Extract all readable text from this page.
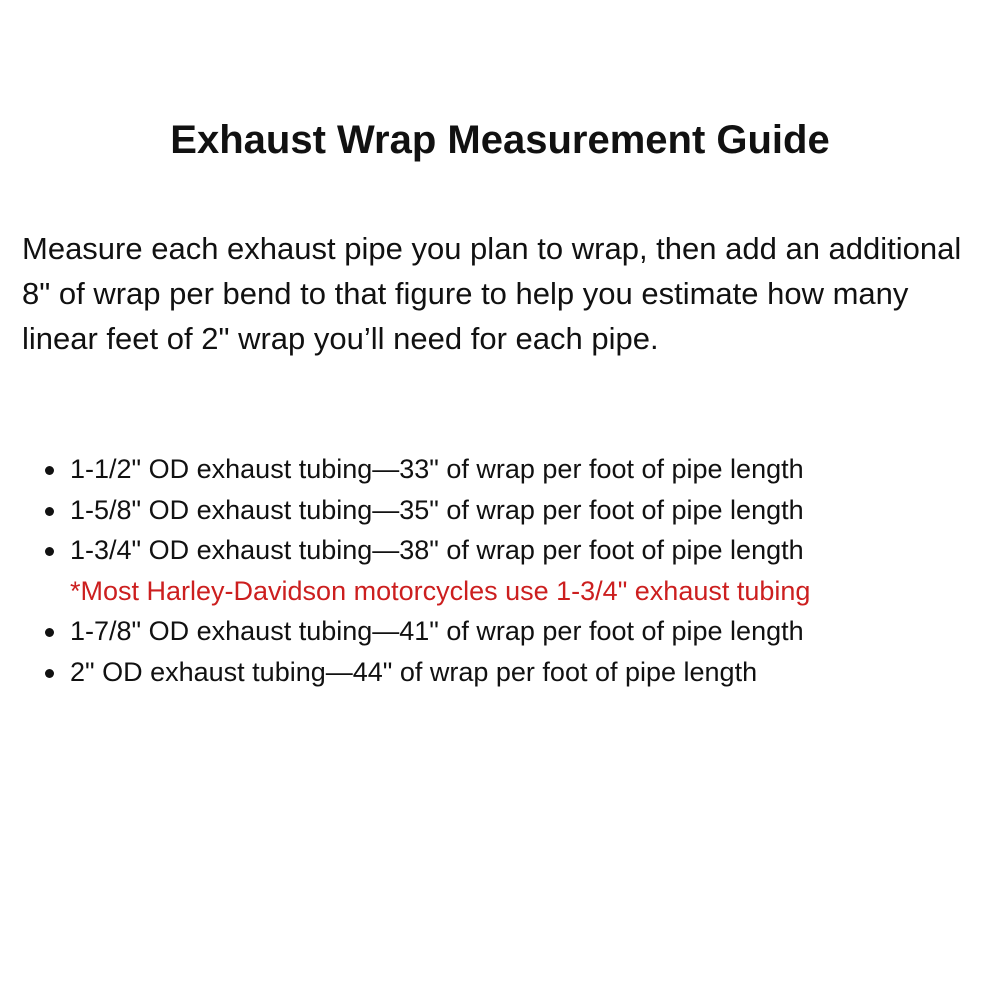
Exhaust Wrap Measurement Guide

Measure each exhaust pipe you plan to wrap, then add an additional 8" of wrap per bend to that figure to help you estimate how many linear feet of 2" wrap you’ll need for each pipe.

1-1/2" OD exhaust tubing—33" of wrap per foot of pipe length
1-5/8" OD exhaust tubing—35" of wrap per foot of pipe length
1-3/4" OD exhaust tubing—38" of wrap per foot of pipe length
*Most Harley-Davidson motorcycles use 1-3/4" exhaust tubing
1-7/8" OD exhaust tubing—41" of wrap per foot of pipe length
2" OD exhaust tubing—44" of wrap per foot of pipe length
